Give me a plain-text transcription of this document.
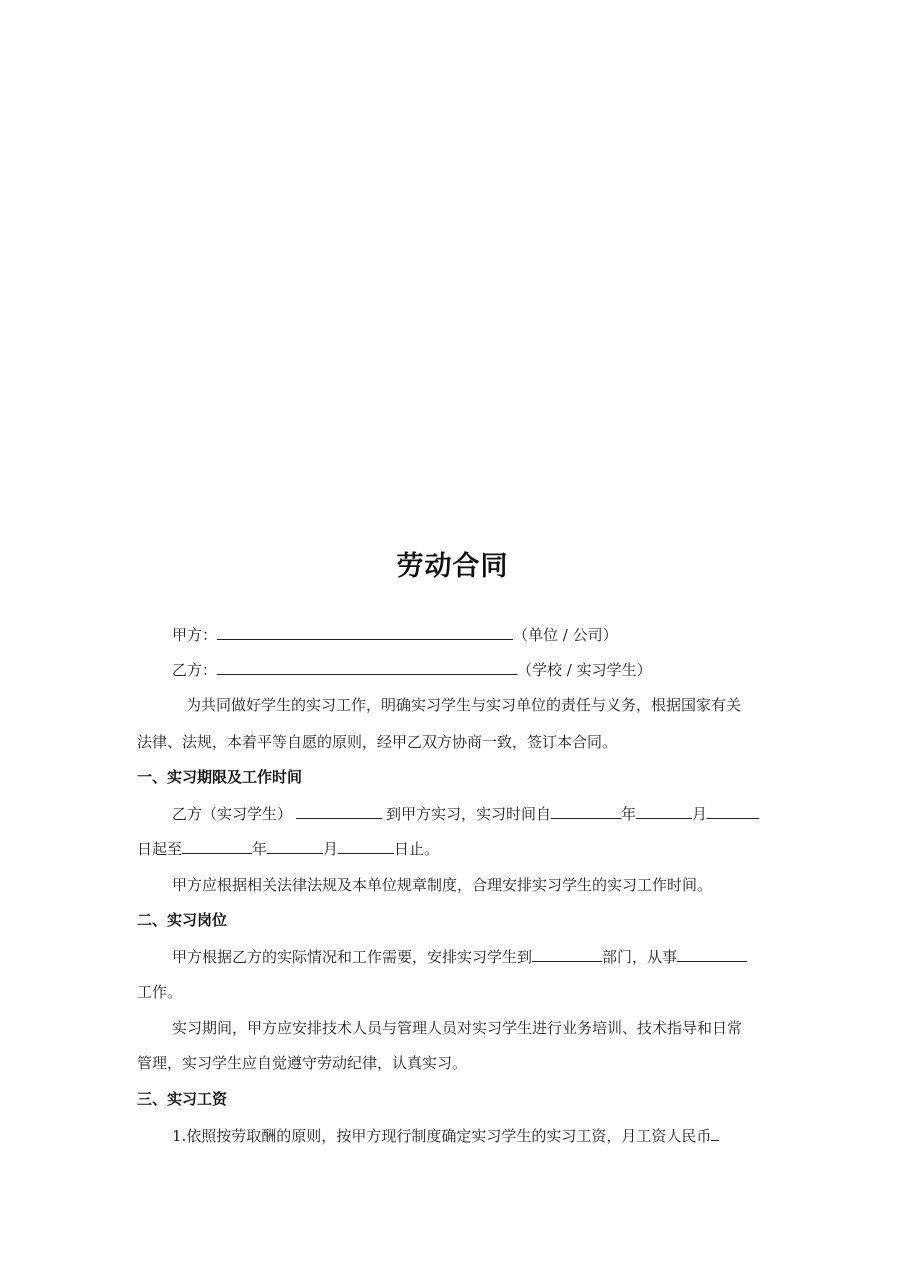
劳动合同
甲方：	（单位 / 公司）
乙方：	（学校 / 实习学生）
为共同做好学生的实习工作，明确实习学生与实习单位的责任与义务，根据国家有关
法律、法规，本着平等自愿的原则，经甲乙双方协商一致，签订本合同。
一、实习期限及工作时间
乙方（实习学生）	到甲方实习，实习时间自	年	月
日起至	年	月	日止。
甲方应根据相关法律法规及本单位规章制度，合理安排实习学生的实习工作时间。
二、实习岗位
甲方根据乙方的实际情况和工作需要，安排实习学生到	部门，从事
工作。
实习期间，甲方应安排技术人员与管理人员对实习学生进行业务培训、技术指导和日常
管理，实习学生应自觉遵守劳动纪律，认真实习。
三、实习工资
1.依照按劳取酬的原则，按甲方现行制度确定实习学生的实习工资，月工资人民币
